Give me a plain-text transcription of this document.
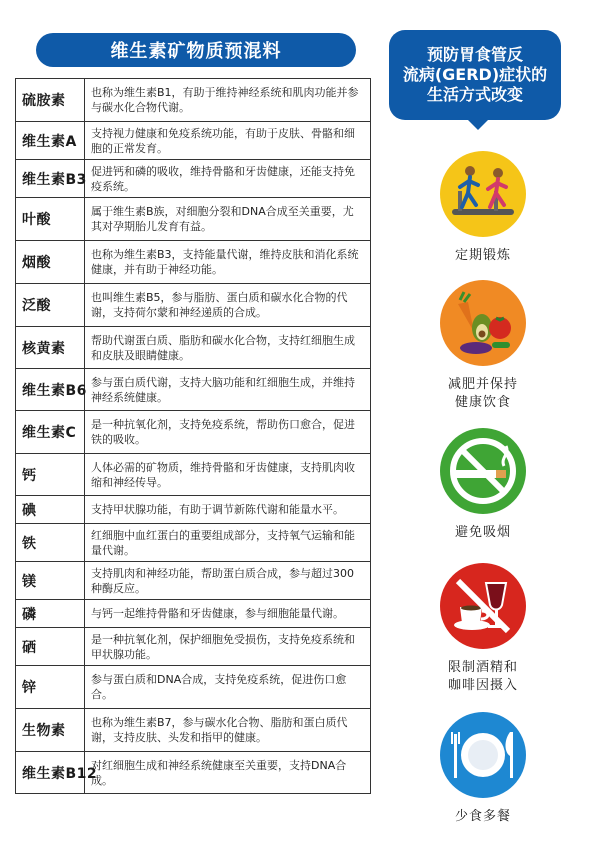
维生素矿物质预混料
硫胺素	也称为维生素B1，有助于维持神经系统和肌肉功能并参与碳水化合物代谢。
维生素A	支持视力健康和免疫系统功能，有助于皮肤、骨骼和细胞的正常发育。
维生素B3	促进钙和磷的吸收，维持骨骼和牙齿健康，还能支持免疫系统。
叶酸	属于维生素B族，对细胞分裂和DNA合成至关重要，尤其对孕期胎儿发育有益。
烟酸	也称为维生素B3，支持能量代谢，维持皮肤和消化系统健康，并有助于神经功能。
泛酸	也叫维生素B5，参与脂肪、蛋白质和碳水化合物的代谢，支持荷尔蒙和神经递质的合成。
核黄素	帮助代谢蛋白质、脂肪和碳水化合物，支持红细胞生成和皮肤及眼睛健康。
维生素B6	参与蛋白质代谢，支持大脑功能和红细胞生成，并维持神经系统健康。
维生素C	是一种抗氧化剂，支持免疫系统，帮助伤口愈合，促进铁的吸收。
钙	人体必需的矿物质，维持骨骼和牙齿健康，支持肌肉收缩和神经传导。
碘	支持甲状腺功能，有助于调节新陈代谢和能量水平。
铁	红细胞中血红蛋白的重要组成部分，支持氧气运输和能量代谢。
镁	支持肌肉和神经功能，帮助蛋白质合成，参与超过300种酶反应。
磷	与钙一起维持骨骼和牙齿健康，参与细胞能量代谢。
硒	是一种抗氧化剂，保护细胞免受损伤，支持免疫系统和甲状腺功能。
锌	参与蛋白质和DNA合成，支持免疫系统，促进伤口愈合。
生物素	也称为维生素B7，参与碳水化合物、脂肪和蛋白质代谢，支持皮肤、头发和指甲的健康。
维生素B12	对红细胞生成和神经系统健康至关重要，支持DNA合成。
预防胃食管反
流病(GERD)症状的
生活方式改变
定期锻炼
减肥并保持
健康饮食
避免吸烟
限制酒精和
咖啡因摄入
少食多餐
